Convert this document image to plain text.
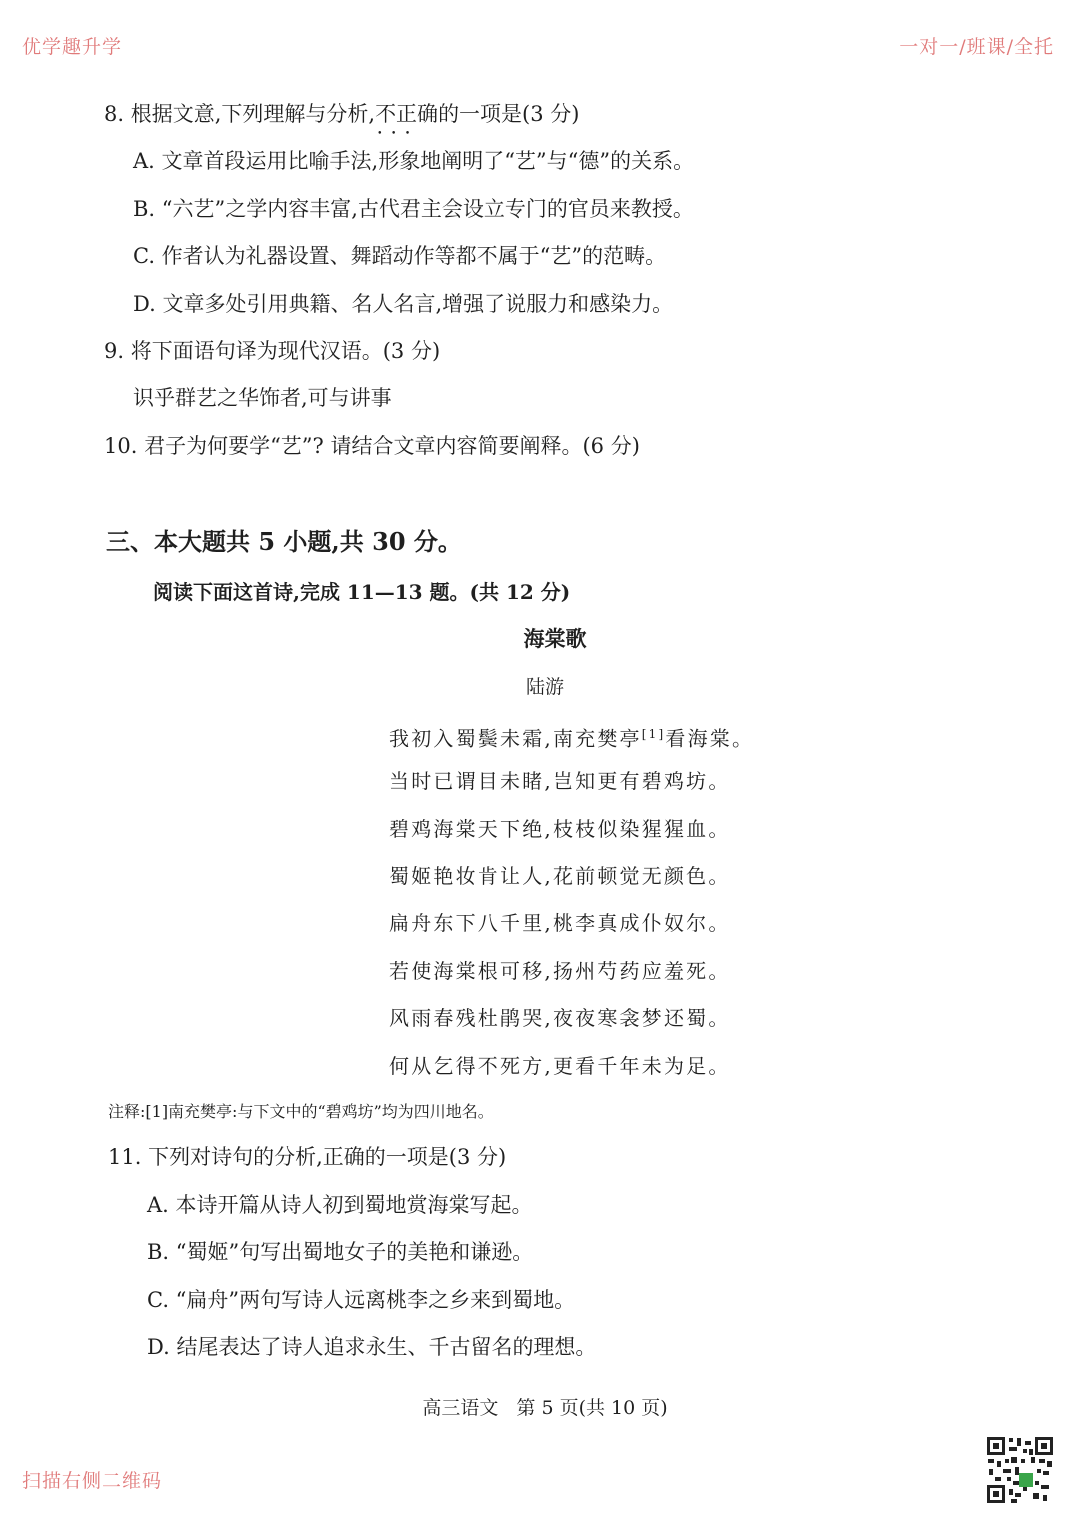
优学趣升学	一对一/班课/全托
8. 根据文意,下列理解与分析,不正确 • •的一项是(3 分)
A. 文章首段运用比喻手法,形象地阐明了“艺”与“德”的关系。
B. “六艺”之学内容丰富,古代君主会设立专门的官员来教授。
C. 作者认为礼器设置、舞蹈动作等都不属于“艺”的范畴。
D. 文章多处引用典籍、名人名言,增强了说服力和感染力。
9. 将下面语句译为现代汉语。(3 分)
识乎群艺之华饰者,可与讲事
10. 君子为何要学“艺”? 请结合文章内容简要阐释。(6 分)
三、本大题共 5 小题,共 30 分。
阅读下面这首诗,完成 11—13 题。(共 12 分)
海棠歌
陆游
我初入蜀鬓未霜,南充樊亭[1]看海棠。
当时已谓目未睹,岂知更有碧鸡坊。
碧鸡海棠天下绝,枝枝似染猩猩血。
蜀姬艳妆肯让人,花前顿觉无颜色。
扁舟东下八千里,桃李真成仆奴尔。
若使海棠根可移,扬州芍药应羞死。
风雨春残杜鹃哭,夜夜寒衾梦还蜀。
何从乞得不死方,更看千年未为足。
注释:[1]南充樊亭:与下文中的“碧鸡坊”均为四川地名。
11. 下列对诗句的分析,正确的一项是(3 分)
A. 本诗开篇从诗人初到蜀地赏海棠写起。
B. “蜀姬”句写出蜀地女子的美艳和谦逊。
C. “扁舟”两句写诗人远离桃李之乡来到蜀地。
D. 结尾表达了诗人追求永生、千古留名的理想。
高三语文   第 5 页(共 10 页)
扫描右侧二维码
